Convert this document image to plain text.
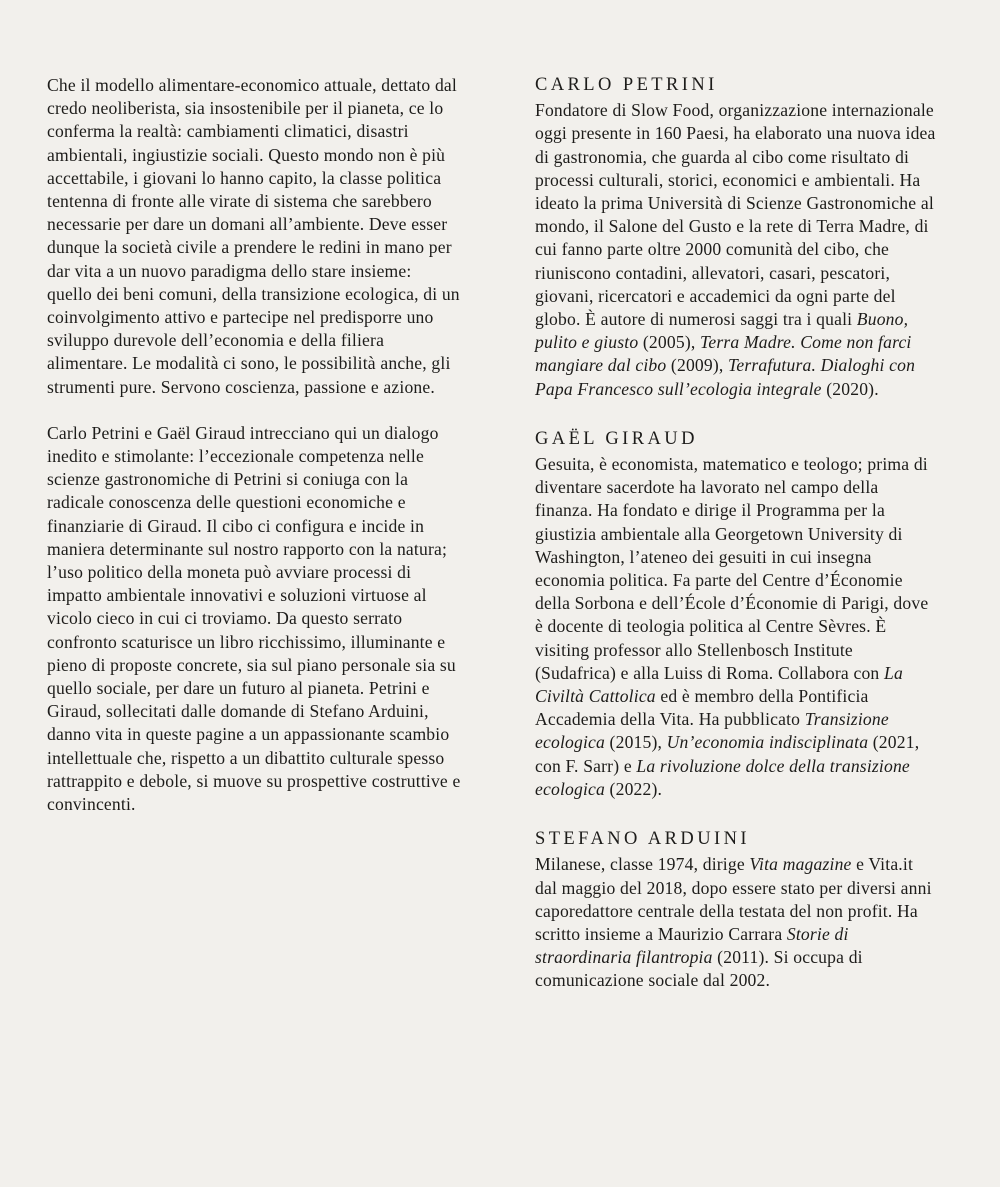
Che il modello alimentare-economico attuale, dettato dal credo neoliberista, sia insostenibile per il pianeta, ce lo conferma la realtà: cambiamenti climatici, disastri ambientali, ingiustizie sociali. Questo mondo non è più accettabile, i giovani lo hanno capito, la classe politica tentenna di fronte alle virate di sistema che sarebbero necessarie per dare un domani all’ambiente. Deve esser dunque la società civile a prendere le redini in mano per dar vita a un nuovo paradigma dello stare insieme: quello dei beni comuni, della transizione ecologica, di un coinvolgimento attivo e partecipe nel predisporre uno sviluppo durevole dell’economia e della filiera alimentare. Le modalità ci sono, le possibilità anche, gli strumenti pure. Servono coscienza, passione e azione.

Carlo Petrini e Gaël Giraud intrecciano qui un dialogo inedito e stimolante: l’eccezionale competenza nelle scienze gastronomiche di Petrini si coniuga con la radicale conoscenza delle questioni economiche e finanziarie di Giraud. Il cibo ci configura e incide in maniera determinante sul nostro rapporto con la natura; l’uso politico della moneta può avviare processi di impatto ambientale innovativi e soluzioni virtuose al vicolo cieco in cui ci troviamo. Da questo serrato confronto scaturisce un libro ricchissimo, illuminante e pieno di proposte concrete, sia sul piano personale sia su quello sociale, per dare un futuro al pianeta. Petrini e Giraud, sollecitati dalle domande di Stefano Arduini, danno vita in queste pagine a un appassionante scambio intellettuale che, rispetto a un dibattito culturale spesso rattrappito e debole, si muove su prospettive costruttive e convincenti.

CARLO PETRINI

Fondatore di Slow Food, organizzazione internazionale oggi presente in 160 Paesi, ha elaborato una nuova idea di gastronomia, che guarda al cibo come risultato di processi culturali, storici, economici e ambientali. Ha ideato la prima Università di Scienze Gastronomiche al mondo, il Salone del Gusto e la rete di Terra Madre, di cui fanno parte oltre 2000 comunità del cibo, che riuniscono contadini, allevatori, casari, pescatori, giovani, ricercatori e accademici da ogni parte del globo. È autore di numerosi saggi tra i quali Buono, pulito e giusto (2005), Terra Madre. Come non farci mangiare dal cibo (2009), Terrafutura. Dialoghi con Papa Francesco sull’ecologia integrale (2020).

GAËL GIRAUD

Gesuita, è economista, matematico e teologo; prima di diventare sacerdote ha lavorato nel campo della finanza. Ha fondato e dirige il Programma per la giustizia ambientale alla Georgetown University di Washington, l’ateneo dei gesuiti in cui insegna economia politica. Fa parte del Centre d’Économie della Sorbona e dell’École d’Économie di Parigi, dove è docente di teologia politica al Centre Sèvres. È visiting professor allo Stellenbosch Institute (Sudafrica) e alla Luiss di Roma. Collabora con La Civiltà Cattolica ed è membro della Pontificia Accademia della Vita. Ha pubblicato Transizione ecologica (2015), Un’economia indisciplinata (2021, con F. Sarr) e La rivoluzione dolce della transizione ecologica (2022).

STEFANO ARDUINI

Milanese, classe 1974, dirige Vita magazine e Vita.it dal maggio del 2018, dopo essere stato per diversi anni caporedattore centrale della testata del non profit. Ha scritto insieme a Maurizio Carrara Storie di straordinaria filantropia (2011). Si occupa di comunicazione sociale dal 2002.
